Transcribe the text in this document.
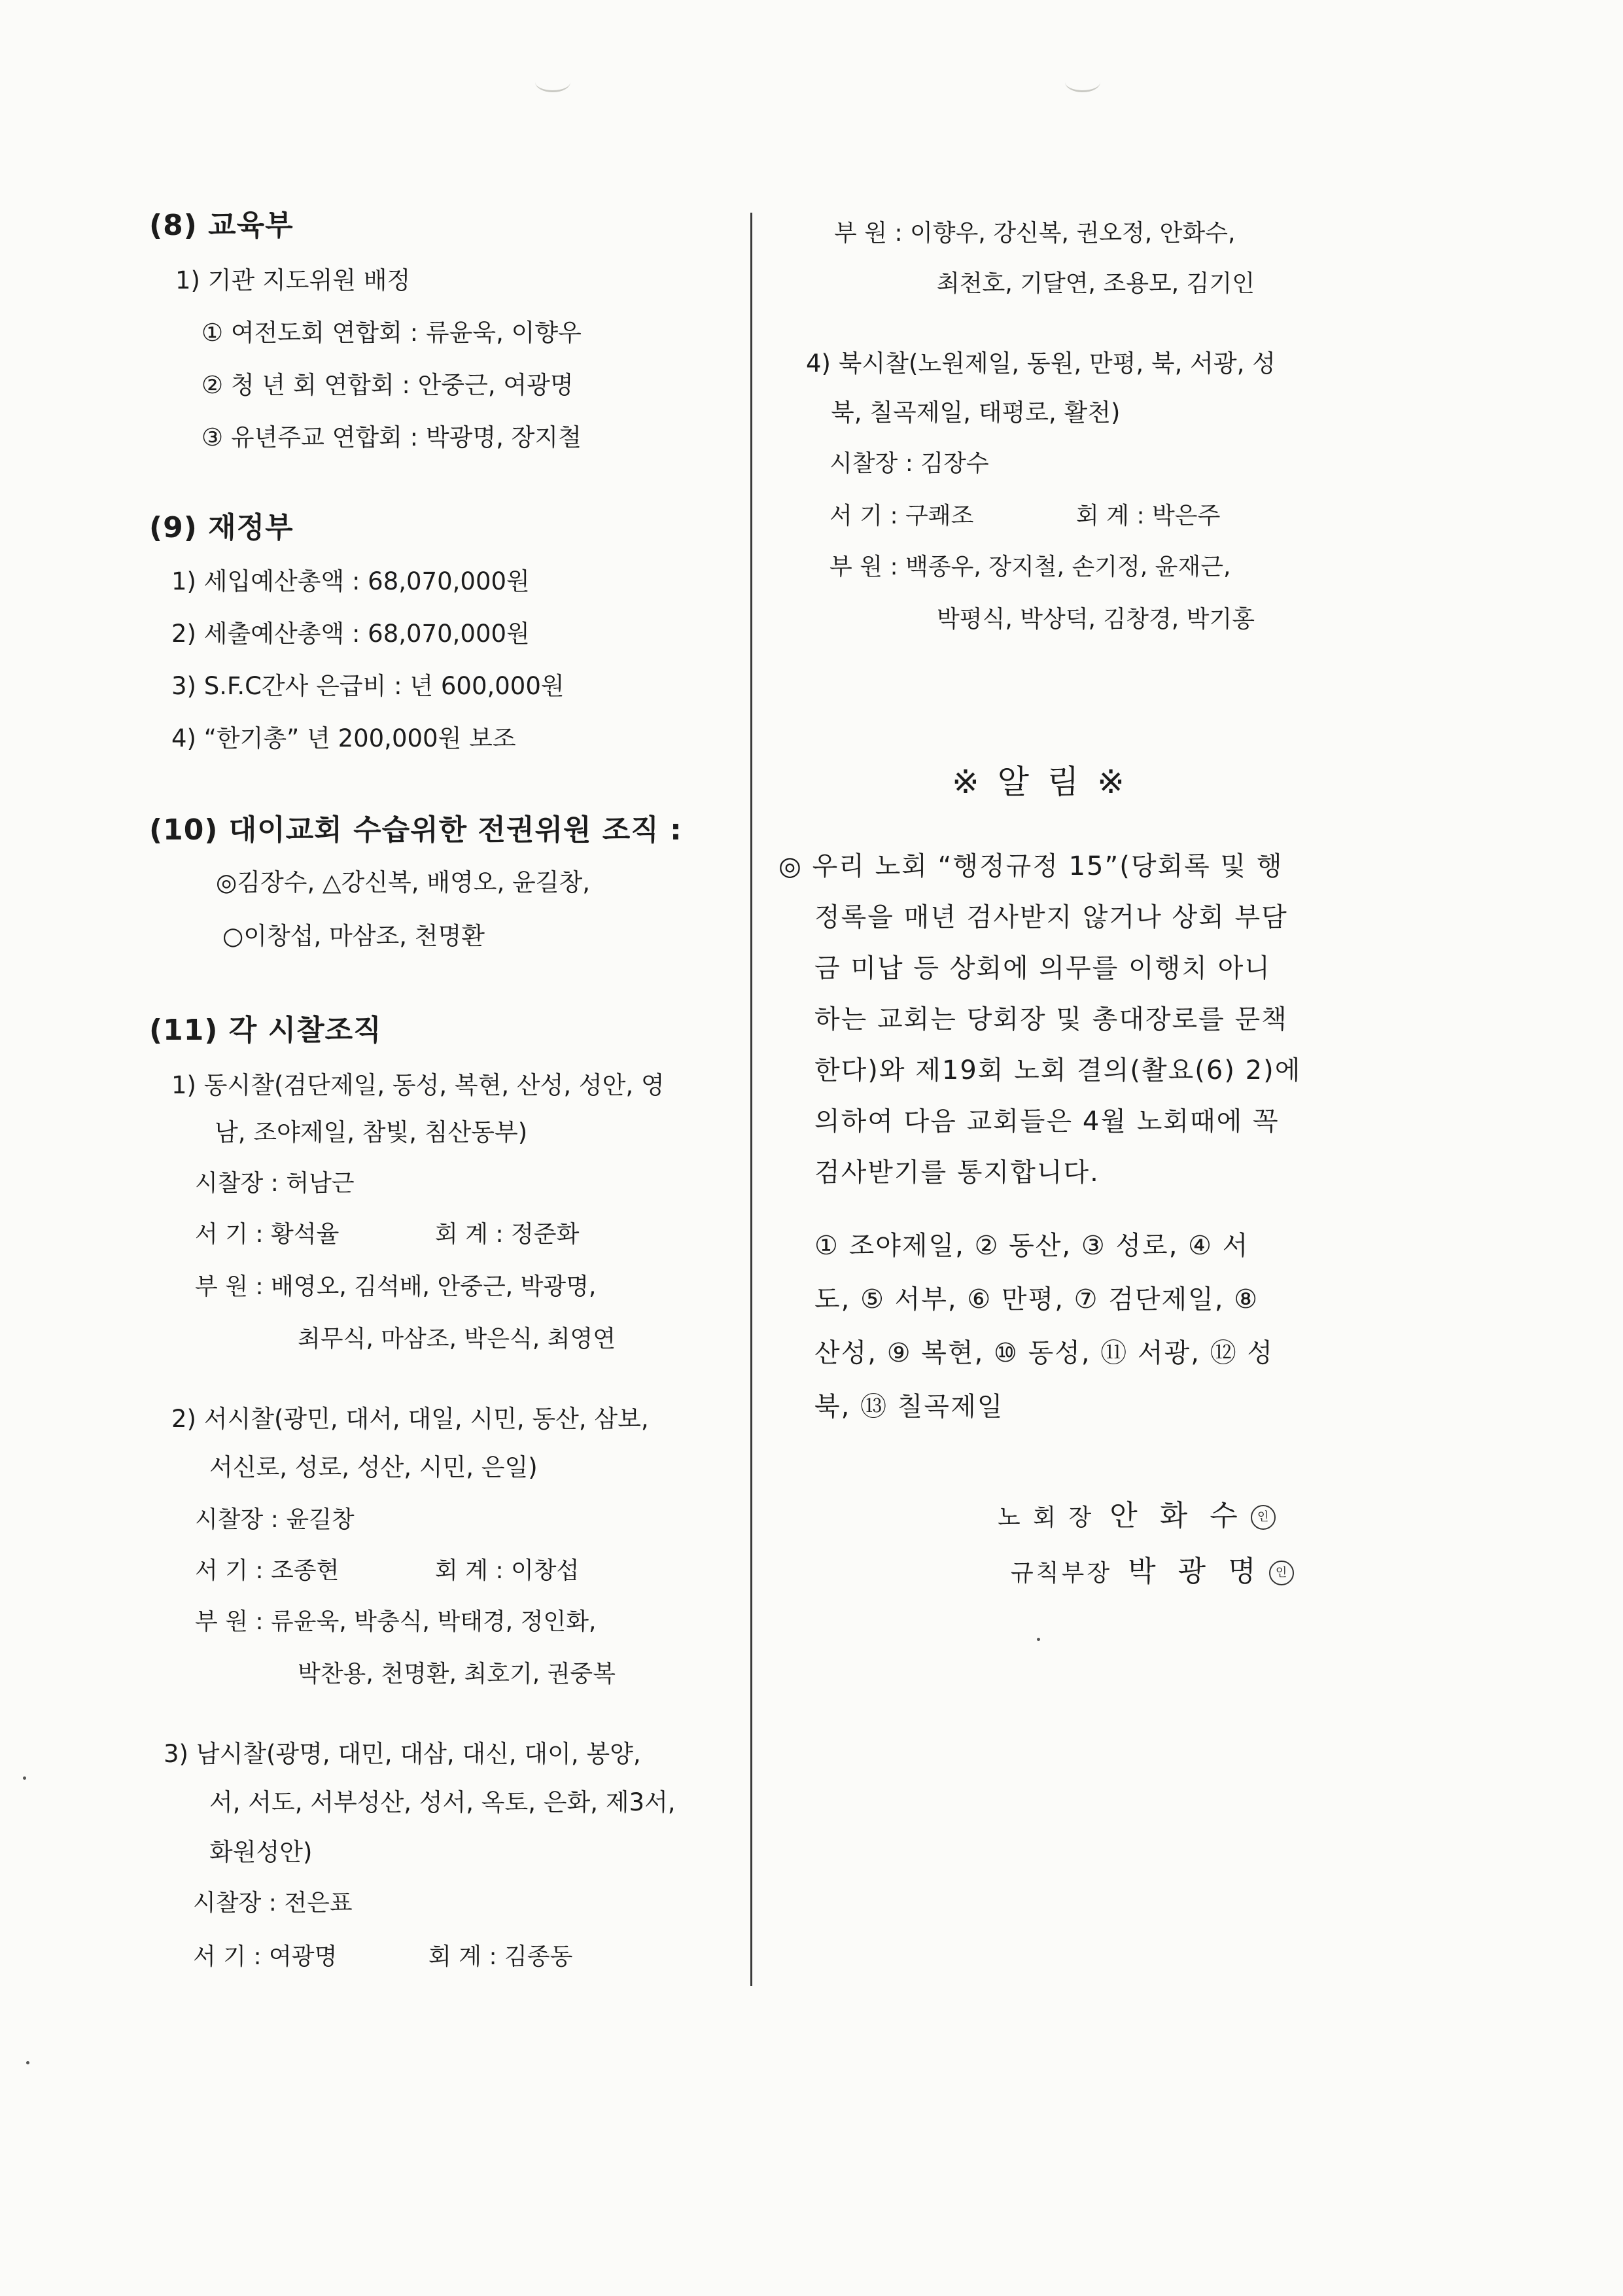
(8) 교육부
1) 기관 지도위원 배정
① 여전도회 연합회 : 류윤욱, 이향우
② 청 년 회 연합회 : 안중근, 여광명
③ 유년주교 연합회 : 박광명, 장지철
(9) 재정부
1) 세입예산총액 : 68,070,000원
2) 세출예산총액 : 68,070,000원
3) S.F.C간사 은급비 : 년 600,000원
4) “한기총” 년 200,000원 보조
(10) 대이교회 수습위한 전권위원 조직 :
◎김장수, △강신복, 배영오, 윤길창,
○이창섭, 마삼조, 천명환
(11) 각 시찰조직
1) 동시찰(검단제일, 동성, 복현, 산성, 성안, 영
남, 조야제일, 참빛, 침산동부)
시찰장 : 허남근
서 기 : 황석율	회 계 : 정준화
부 원 : 배영오, 김석배, 안중근, 박광명,
최무식, 마삼조, 박은식, 최영연
2) 서시찰(광민, 대서, 대일, 시민, 동산, 삼보,
서신로, 성로, 성산, 시민, 은일)
시찰장 : 윤길창
서 기 : 조종현	회 계 : 이창섭
부 원 : 류윤욱, 박충식, 박태경, 정인화,
박찬용, 천명환, 최호기, 권중복
3) 남시찰(광명, 대민, 대삼, 대신, 대이, 봉양,
서, 서도, 서부성산, 성서, 옥토, 은화, 제3서,
화원성안)
시찰장 : 전은표
서 기 : 여광명	회 계 : 김종동
부 원 : 이향우, 강신복, 권오정, 안화수,
최천호, 기달연, 조용모, 김기인
4) 북시찰(노원제일, 동원, 만평, 북, 서광, 성
북, 칠곡제일, 태평로, 활천)
시찰장 : 김장수
서 기 : 구쾌조	회 계 : 박은주
부 원 : 백종우, 장지철, 손기정, 윤재근,
박평식, 박상덕, 김창경, 박기홍
※ 알 림 ※
◎ 우리 노회 “행정규정 15”(당회록 및 행
정록을 매년 검사받지 않거나 상회 부담
금 미납 등 상회에 의무를 이행치 아니
하는 교회는 당회장 및 총대장로를 문책
한다)와 제19회 노회 결의(촬요(6) 2)에
의하여 다음 교회들은 4월 노회때에 꼭
검사받기를 통지합니다.
① 조야제일, ② 동산, ③ 성로, ④ 서
도, ⑤ 서부, ⑥ 만평, ⑦ 검단제일, ⑧
산성, ⑨ 복현, ⑩ 동성, ⑪ 서광, ⑫ 성
북, ⑬ 칠곡제일
노 회 장 안 화 수 인
규칙부장 박 광 명 인
